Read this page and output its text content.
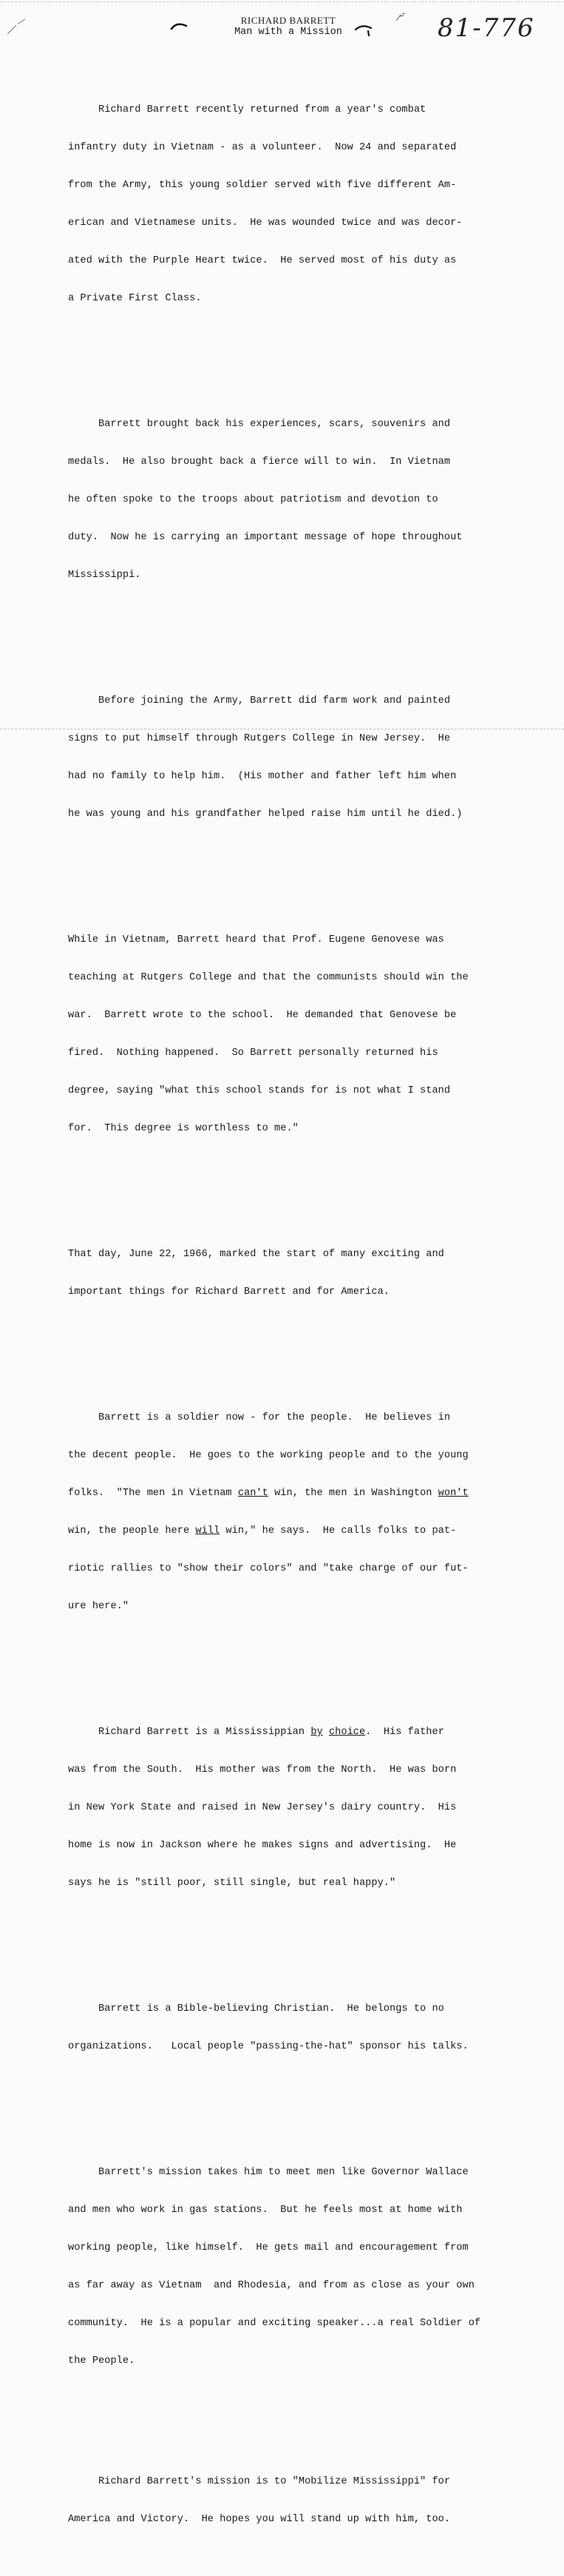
RICHARD BARRETT
Man with a Mission	81-776

Richard Barrett recently returned from a year's combat

infantry duty in Vietnam - as a volunteer.  Now 24 and separated

from the Army, this young soldier served with five different Am-

erican and Vietnamese units.  He was wounded twice and was decor-

ated with the Purple Heart twice.  He served most of his duty as

a Private First Class.

Barrett brought back his experiences, scars, souvenirs and

medals.  He also brought back a fierce will to win.  In Vietnam

he often spoke to the troops about patriotism and devotion to

duty.  Now he is carrying an important message of hope throughout

Mississippi.

Before joining the Army, Barrett did farm work and painted

signs to put himself through Rutgers College in New Jersey.  He

had no family to help him.  (His mother and father left him when

he was young and his grandfather helped raise him until he died.)

While in Vietnam, Barrett heard that Prof. Eugene Genovese was

teaching at Rutgers College and that the communists should win the

war.  Barrett wrote to the school.  He demanded that Genovese be

fired.  Nothing happened.  So Barrett personally returned his

degree, saying "what this school stands for is not what I stand

for.  This degree is worthless to me."

That day, June 22, 1966, marked the start of many exciting and

important things for Richard Barrett and for America.

Barrett is a soldier now - for the people.  He believes in

the decent people.  He goes to the working people and to the young

folks.  "The men in Vietnam can't win, the men in Washington won't

win, the people here will win," he says.  He calls folks to pat-

riotic rallies to "show their colors" and "take charge of our fut-

ure here."

Richard Barrett is a Mississippian by choice.  His father

was from the South.  His mother was from the North.  He was born

in New York State and raised in New Jersey's dairy country.  His

home is now in Jackson where he makes signs and advertising.  He

says he is "still poor, still single, but real happy."

Barrett is a Bible-believing Christian.  He belongs to no

organizations.   Local people "passing-the-hat" sponsor his talks.

Barrett's mission takes him to meet men like Governor Wallace

and men who work in gas stations.  But he feels most at home with

working people, like himself.  He gets mail and encouragement from

as far away as Vietnam  and Rhodesia, and from as close as your own

community.  He is a popular and exciting speaker...a real Soldier of

the People.

Richard Barrett's mission is to "Mobilize Mississippi" for

America and Victory.  He hopes you will stand up with him, too.
